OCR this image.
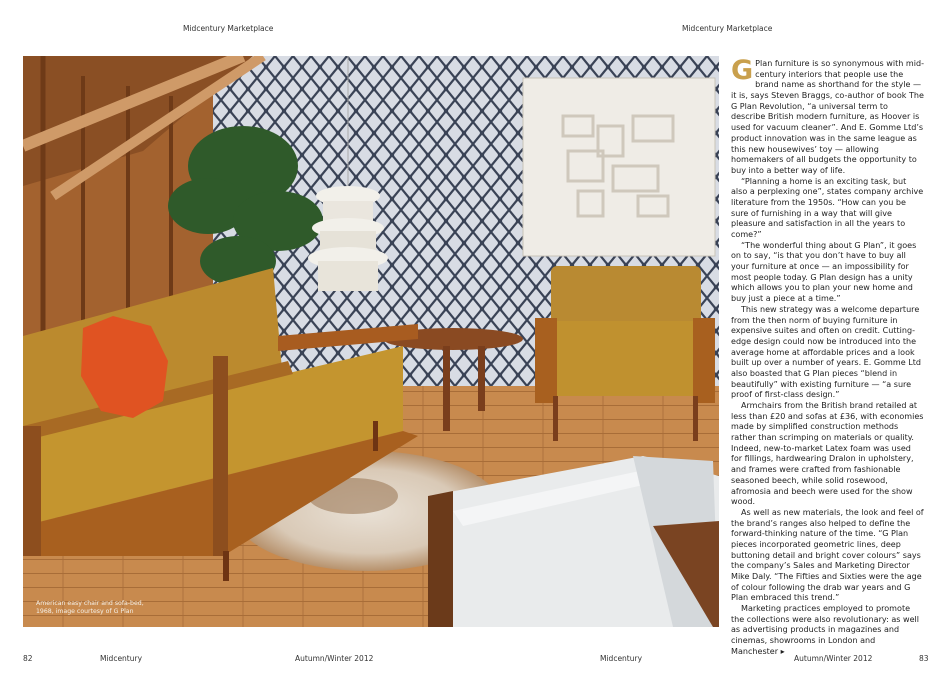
Midcentury Marketplace	Midcentury Marketplace
American easy chair and sofa-bed, 1968, image courtesy of G Plan

G Plan furniture is so synonymous with mid-century interiors that people use the brand name as shorthand for the style — it is, says Steven Braggs, co-author of book The G Plan Revolution, “a universal term to describe British modern furniture, as Hoover is used for vacuum cleaner”. And E. Gomme Ltd’s product innovation was in the same league as this new housewives’ toy — allowing homemakers of all budgets the opportunity to buy into a better way of life.

“Planning a home is an exciting task, but also a perplexing one”, states company archive literature from the 1950s. “How can you be sure of furnishing in a way that will give pleasure and satisfaction in all the years to come?”

“The wonderful thing about G Plan”, it goes on to say, “is that you don’t have to buy all your furniture at once — an impossibility for most people today. G Plan design has a unity which allows you to plan your new home and buy just a piece at a time.”

This new strategy was a welcome departure from the then norm of buying furniture in expensive suites and often on credit. Cutting-edge design could now be introduced into the average home at affordable prices and a look built up over a number of years. E. Gomme Ltd also boasted that G Plan pieces “blend in beautifully” with existing furniture — “a sure proof of first-class design.”

Armchairs from the British brand retailed at less than £20 and sofas at £36, with economies made by simplified construction methods rather than scrimping on materials or quality. Indeed, new-to-market Latex foam was used for fillings, hardwearing Dralon in upholstery, and frames were crafted from fashionable seasoned beech, while solid rosewood, afromosia and beech were used for the show wood.

As well as new materials, the look and feel of the brand’s ranges also helped to define the forward-thinking nature of the time. “G Plan pieces incorporated geometric lines, deep buttoning detail and bright cover colours” says the company’s Sales and Marketing Director Mike Daly. “The Fifties and Sixties were the age of colour following the drab war years and G Plan embraced this trend.”

Marketing practices employed to promote the collections were also revolutionary: as well as advertising products in magazines and cinemas, showrooms in London and Manchester ▸

82	Midcentury	Autumn/Winter 2012	Midcentury	Autumn/Winter 2012	83
